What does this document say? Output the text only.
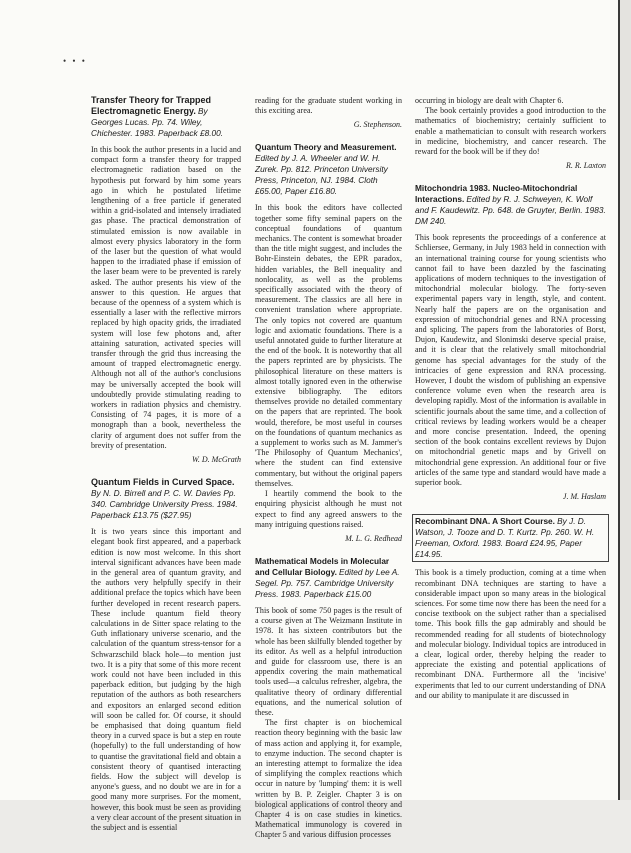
• • •

Transfer Theory for Trapped Electromagnetic Energy. By Georges Lucas. Pp. 74. Wiley, Chichester. 1983. Paperback £8.00.

In this book the author presents in a lucid and compact form a transfer theory for trapped electromagnetic radiation based on the hypothesis put forward by him some years ago in which he postulated lifetime lengthening of a free particle if generated within a grid-isolated and intensely irradiated gas phase. The practical demonstration of stimulated emission is now available in almost every physics laboratory in the form of the laser but the question of what would happen to the irradiated phase if emission of the laser beam were to be prevented is rarely asked. The author presents his view of the answer to this question. He argues that because of the openness of a system which is essentially a laser with the reflective mirrors replaced by high opacity grids, the irradiated system will lose few photons and, after attaining saturation, activated species will transfer through the grid thus increasing the amount of trapped electromagnetic energy. Although not all of the author's conclusions may be universally accepted the book will undoubtedly provide stimulating reading to workers in radiation physics and chemistry. Consisting of 74 pages, it is more of a monograph than a book, nevertheless the clarity of argument does not suffer from the brevity of presentation.

W. D. McGrath

Quantum Fields in Curved Space. By N. D. Birrell and P. C. W. Davies Pp. 340. Cambridge University Press. 1984. Paperback £13.75 ($27.95)

It is two years since this important and elegant book first appeared, and a paperback edition is now most welcome. In this short interval significant advances have been made in the general area of quantum gravity, and the authors very helpfully specify in their additional preface the topics which have been further developed in recent research papers. These include quantum field theory calculations in de Sitter space relating to the Guth inflationary universe scenario, and the calculation of the quantum stress-tensor for a Schwarzschild black hole—to mention just two. It is a pity that some of this more recent work could not have been included in this paperback edition, but judging by the high reputation of the authors as both researchers and expositors an enlarged second edition will soon be called for. Of course, it should be emphasised that doing quantum field theory in a curved space is but a step en route (hopefully) to the full understanding of how to quantise the gravitational field and obtain a consistent theory of quantised interacting fields. How the subject will develop is anyone's guess, and no doubt we are in for a good many more surprises. For the moment, however, this book must be seen as providing a very clear account of the present situation in the subject and is essential

reading for the graduate student working in this exciting area.

G. Stephenson.

Quantum Theory and Measurement. Edited by J. A. Wheeler and W. H. Zurek. Pp. 812. Princeton University Press, Princeton, NJ. 1984. Cloth £65.00, Paper £16.80.

In this book the editors have collected together some fifty seminal papers on the conceptual foundations of quantum mechanics. The content is somewhat broader than the title might suggest, and includes the Bohr-Einstein debates, the EPR paradox, hidden variables, the Bell inequality and nonlocality, as well as the problems specifically associated with the theory of measurement. The classics are all here in convenient translation where appropriate. The only topics not covered are quantum logic and axiomatic foundations. There is a useful annotated guide to further literature at the end of the book. It is noteworthy that all the papers reprinted are by physicists. The philosophical literature on these matters is almost totally ignored even in the otherwise extensive bibliography. The editors themselves provide no detailed commentary on the papers that are reprinted. The book would, therefore, be most useful in courses on the foundations of quantum mechanics as a supplement to works such as M. Jammer's 'The Philosophy of Quantum Mechanics', where the student can find extensive commentary, but without the original papers themselves.

I heartily commend the book to the enquiring physicist although he must not expect to find any agreed answers to the many intriguing questions raised.

M. L. G. Redhead

Mathematical Models in Molecular and Cellular Biology. Edited by Lee A. Segel. Pp. 757. Cambridge University Press. 1983. Paperback £15.00

This book of some 750 pages is the result of a course given at The Weizmann Institute in 1978. It has sixteen contributors but the whole has been skilfully blended together by its editor. As well as a helpful introduction and guide for classroom use, there is an appendix covering the main mathematical tools used—a calculus refresher, algebra, the qualitative theory of ordinary differential equations, and the numerical solution of these.

The first chapter is on biochemical reaction theory beginning with the basic law of mass action and applying it, for example, to enzyme induction. The second chapter is an interesting attempt to formalize the idea of simplifying the complex reactions which occur in nature by 'lumping' them: it is well written by B. P. Zeigler. Chapter 3 is on biological applications of control theory and Chapter 4 is on case studies in kinetics. Mathematical immunology is covered in Chapter 5 and various diffusion processes

occurring in biology are dealt with Chapter 6.

The book certainly provides a good introduction to the mathematics of biochemistry; certainly sufficient to enable a mathematician to consult with research workers in medicine, biochemistry, and cancer research. The reward for the book will be if they do!

R. R. Laxton

Mitochondria 1983. Nucleo-Mitochondrial Interactions. Edited by R. J. Schweyen, K. Wolf and F. Kaudewitz. Pp. 648. de Gruyter, Berlin. 1983. DM 240.

This book represents the proceedings of a conference at Schliersee, Germany, in July 1983 held in connection with an international training course for young scientists who cannot fail to have been dazzled by the fascinating applications of modern techniques to the investigation of mitochondrial molecular biology. The forty-seven experimental papers vary in length, style, and content. Nearly half the papers are on the organisation and expression of mitochondrial genes and RNA processing and splicing. The papers from the laboratories of Borst, Dujon, Kaudewitz, and Slonimski deserve special praise, and it is clear that the relatively small mitochondrial genome has special advantages for the study of the intricacies of gene expression and RNA processing. However, I doubt the wisdom of publishing an expensive conference volume even when the research area is developing rapidly. Most of the information is available in scientific journals about the same time, and a collection of critical reviews by leading workers would be a cheaper and more concise presentation. Indeed, the opening section of the book contains excellent reviews by Dujon on mitochondrial genetic maps and by Grivell on mitochondrial gene expression. An additional four or five articles of the same type and standard would have made a superior book.

J. M. Haslam

Recombinant DNA. A Short Course. By J. D. Watson, J. Tooze and D. T. Kurtz. Pp. 260. W. H. Freeman, Oxford. 1983. Board £24.95, Paper £14.95.

This book is a timely production, coming at a time when recombinant DNA techniques are starting to have a considerable impact upon so many areas in the biological sciences. For some time now there has been the need for a concise textbook on the subject rather than a specialised tome. This book fills the gap admirably and should be recommended reading for all students of biotechnology and molecular biology. Individual topics are introduced in a clear, logical order, thereby helping the reader to appreciate the existing and potential applications of recombinant DNA. Furthermore all the 'incisive' experiments that led to our current understanding of DNA and our ability to manipulate it are discussed in
